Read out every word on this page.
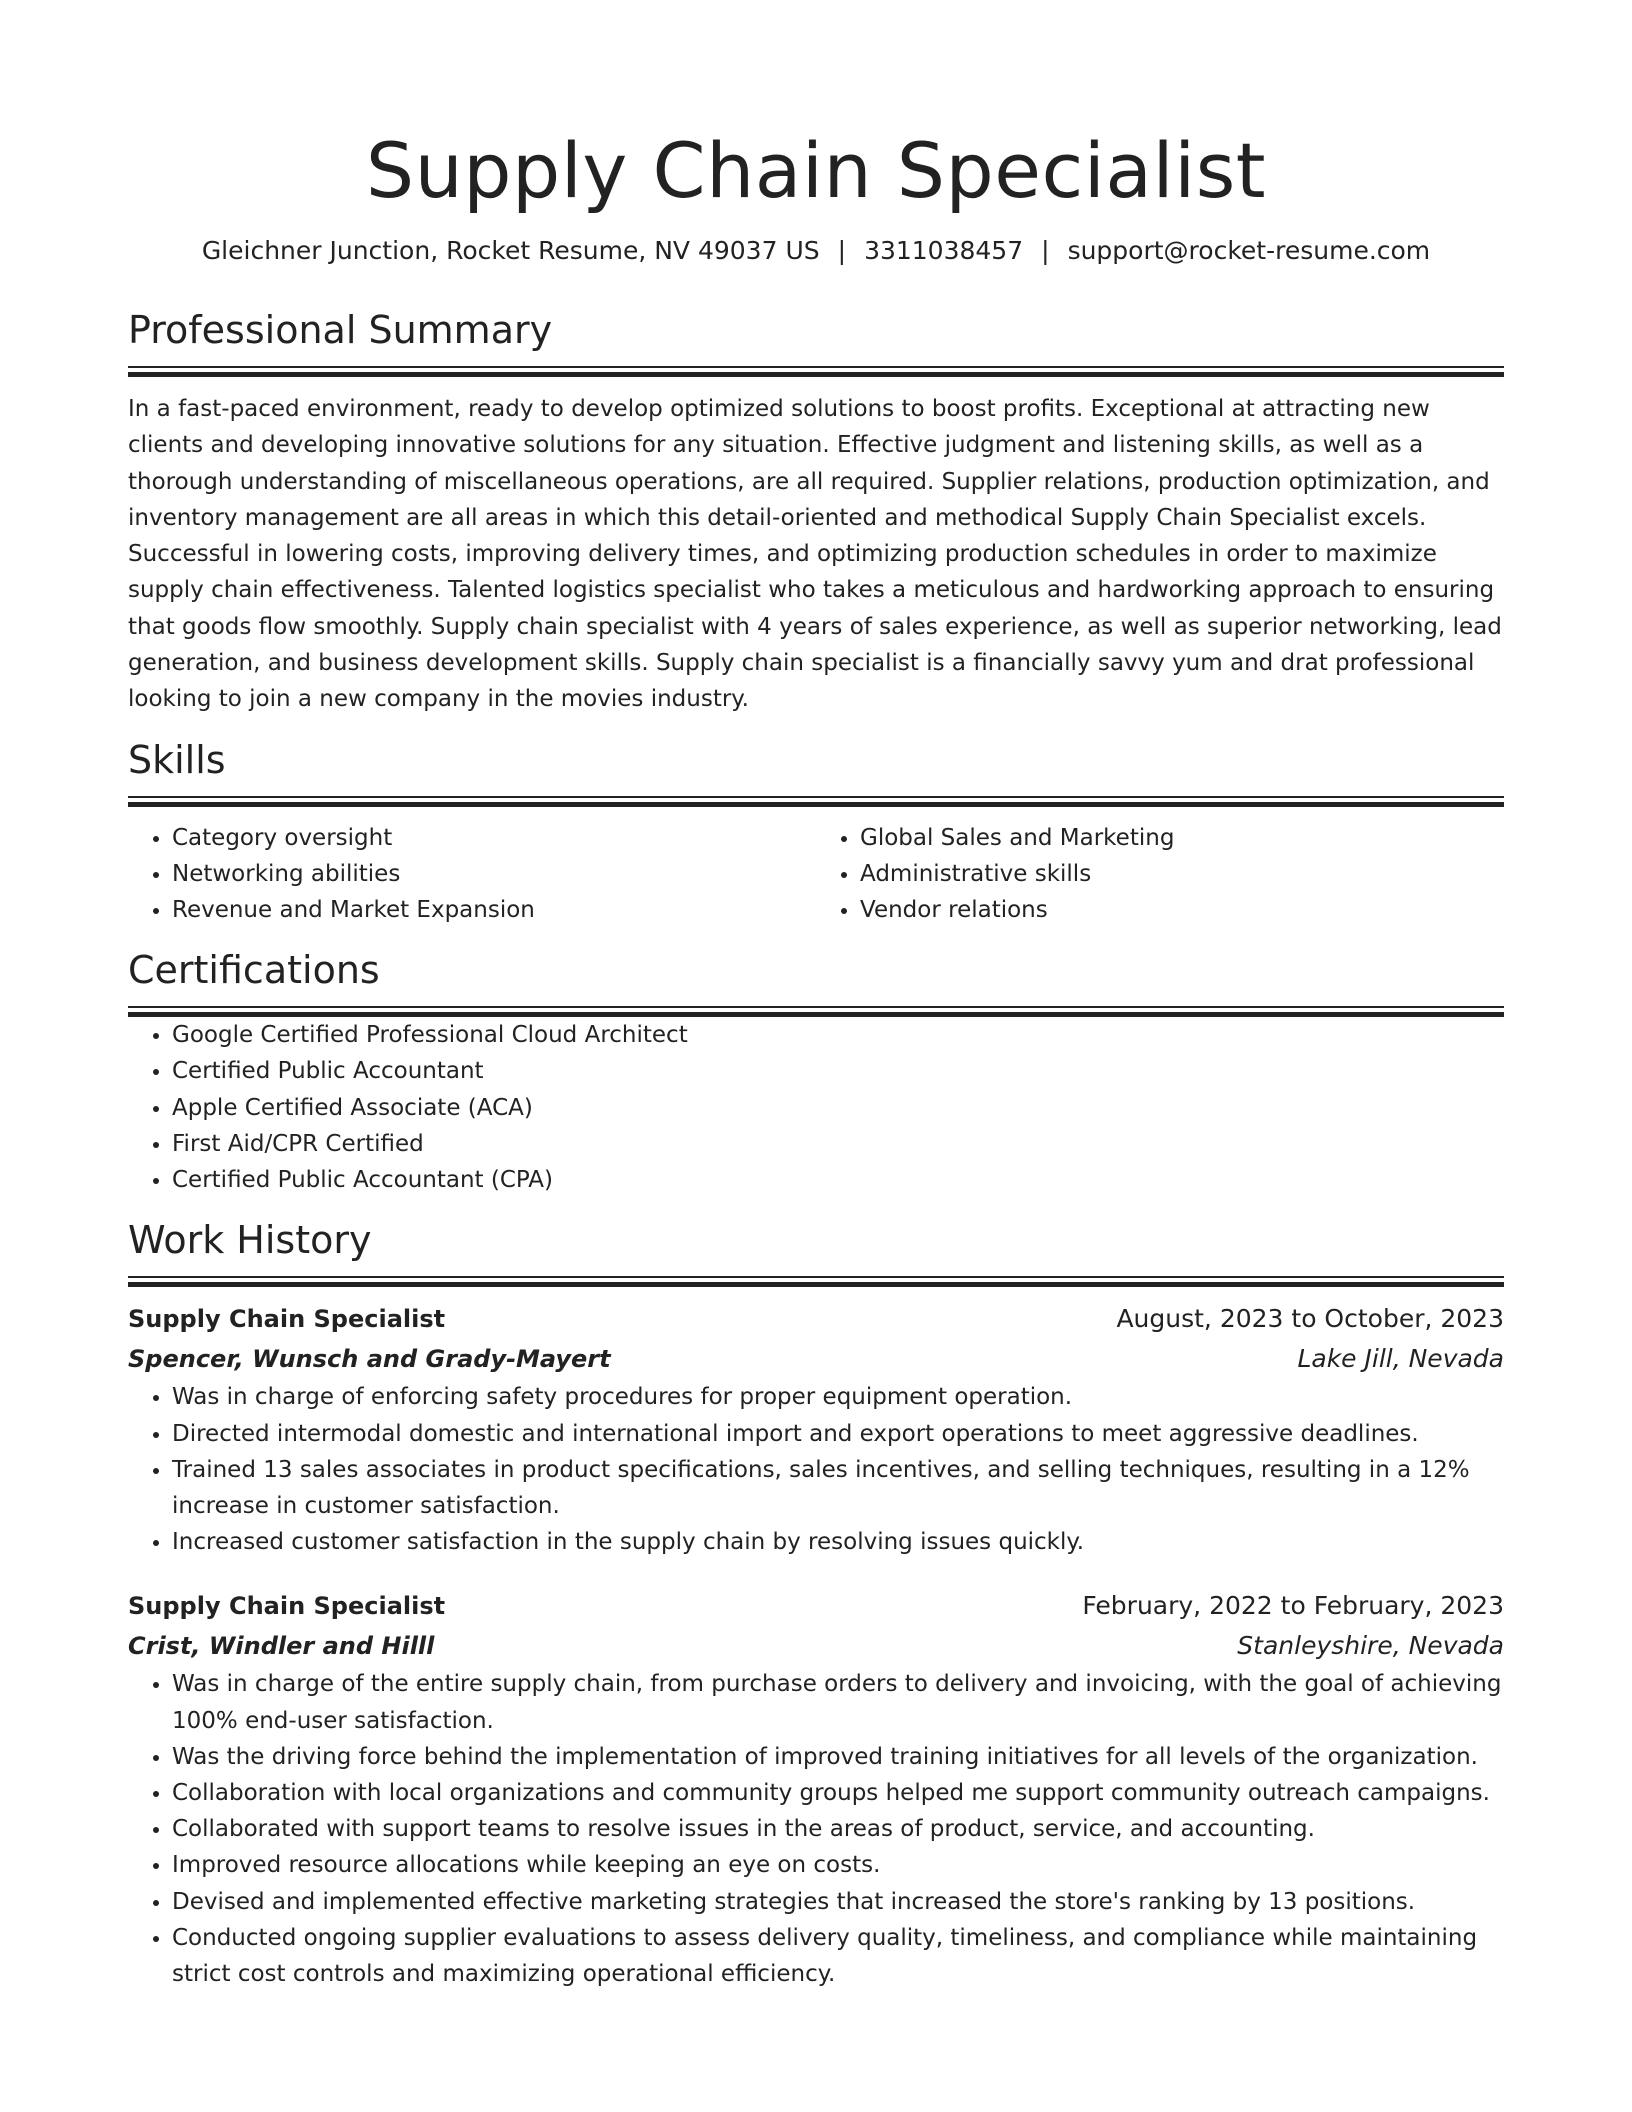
Supply Chain Specialist
Gleichner Junction, Rocket Resume, NV 49037 US | 3311038457 | support@rocket-resume.com
Professional Summary

In a fast-paced environment, ready to develop optimized solutions to boost profits. Exceptional at attracting new clients and developing innovative solutions for any situation. Effective judgment and listening skills, as well as a thorough understanding of miscellaneous operations, are all required. Supplier relations, production optimization, and inventory management are all areas in which this detail-oriented and methodical Supply Chain Specialist excels. Successful in lowering costs, improving delivery times, and optimizing production schedules in order to maximize supply chain effectiveness. Talented logistics specialist who takes a meticulous and hardworking approach to ensuring that goods flow smoothly. Supply chain specialist with 4 years of sales experience, as well as superior networking, lead generation, and business development skills. Supply chain specialist is a financially savvy yum and drat professional looking to join a new company in the movies industry.

Skills
• Category oversight
• Networking abilities
• Revenue and Market Expansion
• Global Sales and Marketing
• Administrative skills
• Vendor relations
Certifications
• Google Certified Professional Cloud Architect
• Certified Public Accountant
• Apple Certified Associate (ACA)
• First Aid/CPR Certified
• Certified Public Accountant (CPA)
Work History
Supply Chain Specialist	August, 2023 to October, 2023
Spencer, Wunsch and Grady-Mayert	Lake Jill, Nevada
• Was in charge of enforcing safety procedures for proper equipment operation.
• Directed intermodal domestic and international import and export operations to meet aggressive deadlines.
• Trained 13 sales associates in product specifications, sales incentives, and selling techniques, resulting in a 12% increase in customer satisfaction.
• Increased customer satisfaction in the supply chain by resolving issues quickly.
Supply Chain Specialist	February, 2022 to February, 2023
Crist, Windler and Hilll	Stanleyshire, Nevada
• Was in charge of the entire supply chain, from purchase orders to delivery and invoicing, with the goal of achieving 100% end-user satisfaction.
• Was the driving force behind the implementation of improved training initiatives for all levels of the organization.
• Collaboration with local organizations and community groups helped me support community outreach campaigns.
• Collaborated with support teams to resolve issues in the areas of product, service, and accounting.
• Improved resource allocations while keeping an eye on costs.
• Devised and implemented effective marketing strategies that increased the store's ranking by 13 positions.
• Conducted ongoing supplier evaluations to assess delivery quality, timeliness, and compliance while maintaining strict cost controls and maximizing operational efficiency.
